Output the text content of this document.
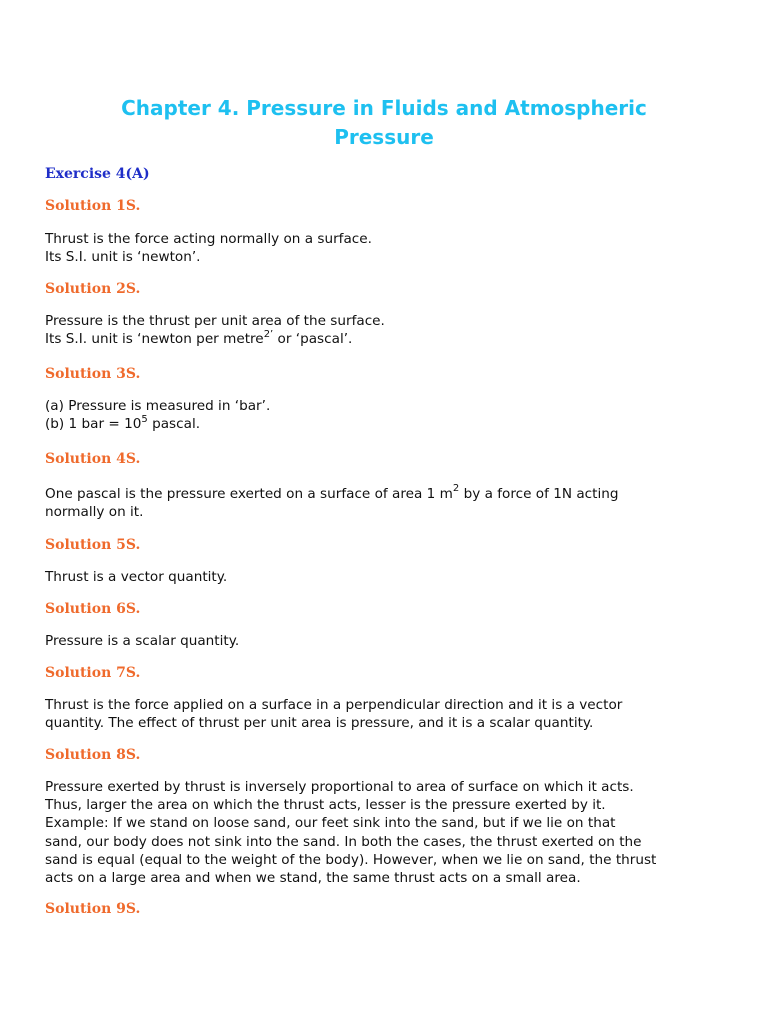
Chapter 4. Pressure in Fluids and Atmospheric
Pressure
Exercise 4(A)
Solution 1S.
Thrust is the force acting normally on a surface.
Its S.I. unit is ‘newton’.
Solution 2S.
Pressure is the thrust per unit area of the surface.
Its S.I. unit is ‘newton per metre$^{2’}$ or ‘pascal’.
Solution 3S.
(a) Pressure is measured in ‘bar’.
(b) 1 bar = $10^5$ pascal.
Solution 4S.
One pascal is the pressure exerted on a surface of area 1 $m^2$ by a force of 1N acting
normally on it.
Solution 5S.
Thrust is a vector quantity.
Solution 6S.
Pressure is a scalar quantity.
Solution 7S.
Thrust is the force applied on a surface in a perpendicular direction and it is a vector
quantity. The effect of thrust per unit area is pressure, and it is a scalar quantity.
Solution 8S.
Pressure exerted by thrust is inversely proportional to area of surface on which it acts.
Thus, larger the area on which the thrust acts, lesser is the pressure exerted by it.
Example: If we stand on loose sand, our feet sink into the sand, but if we lie on that
sand, our body does not sink into the sand. In both the cases, the thrust exerted on the
sand is equal (equal to the weight of the body). However, when we lie on sand, the thrust
acts on a large area and when we stand, the same thrust acts on a small area.
Solution 9S.
